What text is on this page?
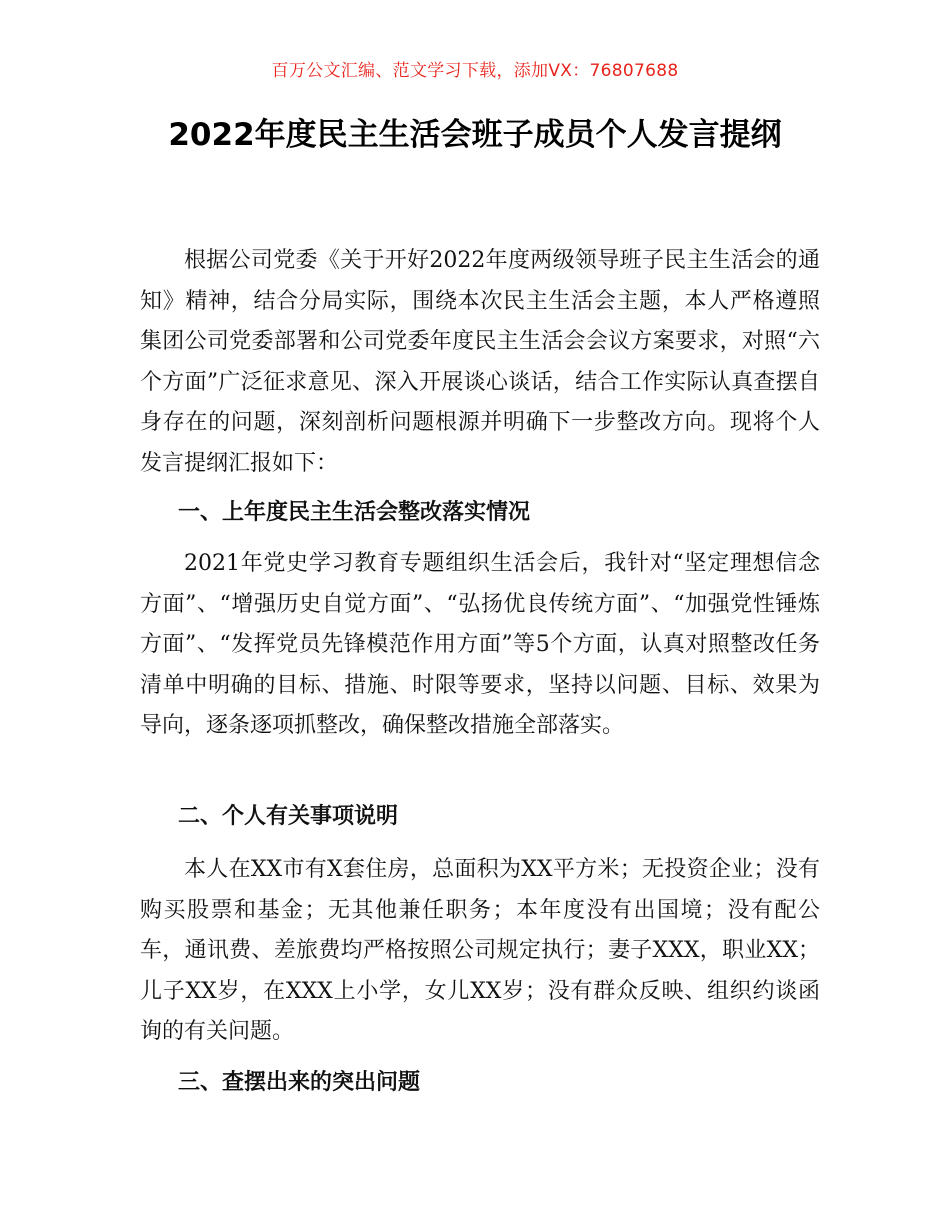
百万公文汇编、范文学习下载，添加VX：76807688
2022年度民主生活会班子成员个人发言提纲
根据公司党委《关于开好2022年度两级领导班子民主生活会的通知》精神，结合分局实际，围绕本次民主生活会主题，本人严格遵照集团公司党委部署和公司党委年度民主生活会会议方案要求，对照“六个方面”广泛征求意见、深入开展谈心谈话，结合工作实际认真查摆自身存在的问题，深刻剖析问题根源并明确下一步整改方向。现将个人发言提纲汇报如下：
一、上年度民主生活会整改落实情况
2021年党史学习教育专题组织生活会后，我针对“坚定理想信念方面”、“增强历史自觉方面”、“弘扬优良传统方面”、“加强党性锤炼方面”、“发挥党员先锋模范作用方面”等5个方面，认真对照整改任务清单中明确的目标、措施、时限等要求，坚持以问题、目标、效果为导向，逐条逐项抓整改，确保整改措施全部落实。
二、个人有关事项说明
本人在XX市有X套住房，总面积为XX平方米；无投资企业；没有购买股票和基金；无其他兼任职务；本年度没有出国境；没有配公车，通讯费、差旅费均严格按照公司规定执行；妻子XXX，职业XX；儿子XX岁，在XXX上小学，女儿XX岁；没有群众反映、组织约谈函询的有关问题。
三、查摆出来的突出问题
